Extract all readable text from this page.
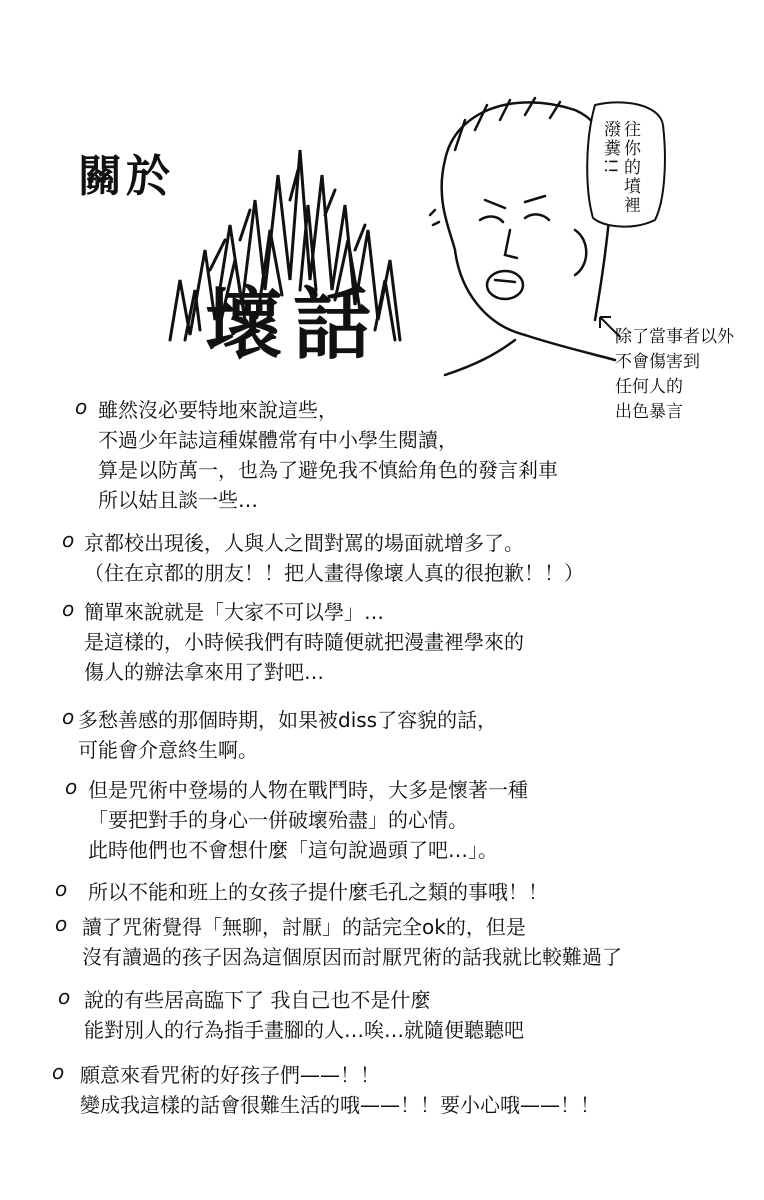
關於
壞話
往你的墳裡潑糞!!
除了當事者以外
不會傷害到
任何人的
出色暴言
o 雖然沒必要特地來說這些，
不過少年誌這種媒體常有中小學生閱讀，
算是以防萬一，也為了避免我不慎給角色的發言剎車
所以姑且談一些…
o 京都校出現後，人與人之間對罵的場面就增多了。
（住在京都的朋友！！把人畫得像壞人真的很抱歉！！）
o 簡單來說就是「大家不可以學」…
是這樣的，小時候我們有時隨便就把漫畫裡學來的
傷人的辦法拿來用了對吧…
o 多愁善感的那個時期，如果被diss了容貌的話，
可能會介意終生啊。
o 但是咒術中登場的人物在戰鬥時，大多是懷著一種
「要把對手的身心一併破壞殆盡」的心情。
此時他們也不會想什麼「這句說過頭了吧…」。
o 所以不能和班上的女孩子提什麼毛孔之類的事哦！！
o 讀了咒術覺得「無聊，討厭」的話完全ok的，但是
沒有讀過的孩子因為這個原因而討厭咒術的話我就比較難過了
o 說的有些居高臨下了 我自己也不是什麼
能對別人的行為指手畫腳的人…唉…就隨便聽聽吧
o 願意來看咒術的好孩子們——！！
變成我這樣的話會很難生活的哦——！！要小心哦——！！
